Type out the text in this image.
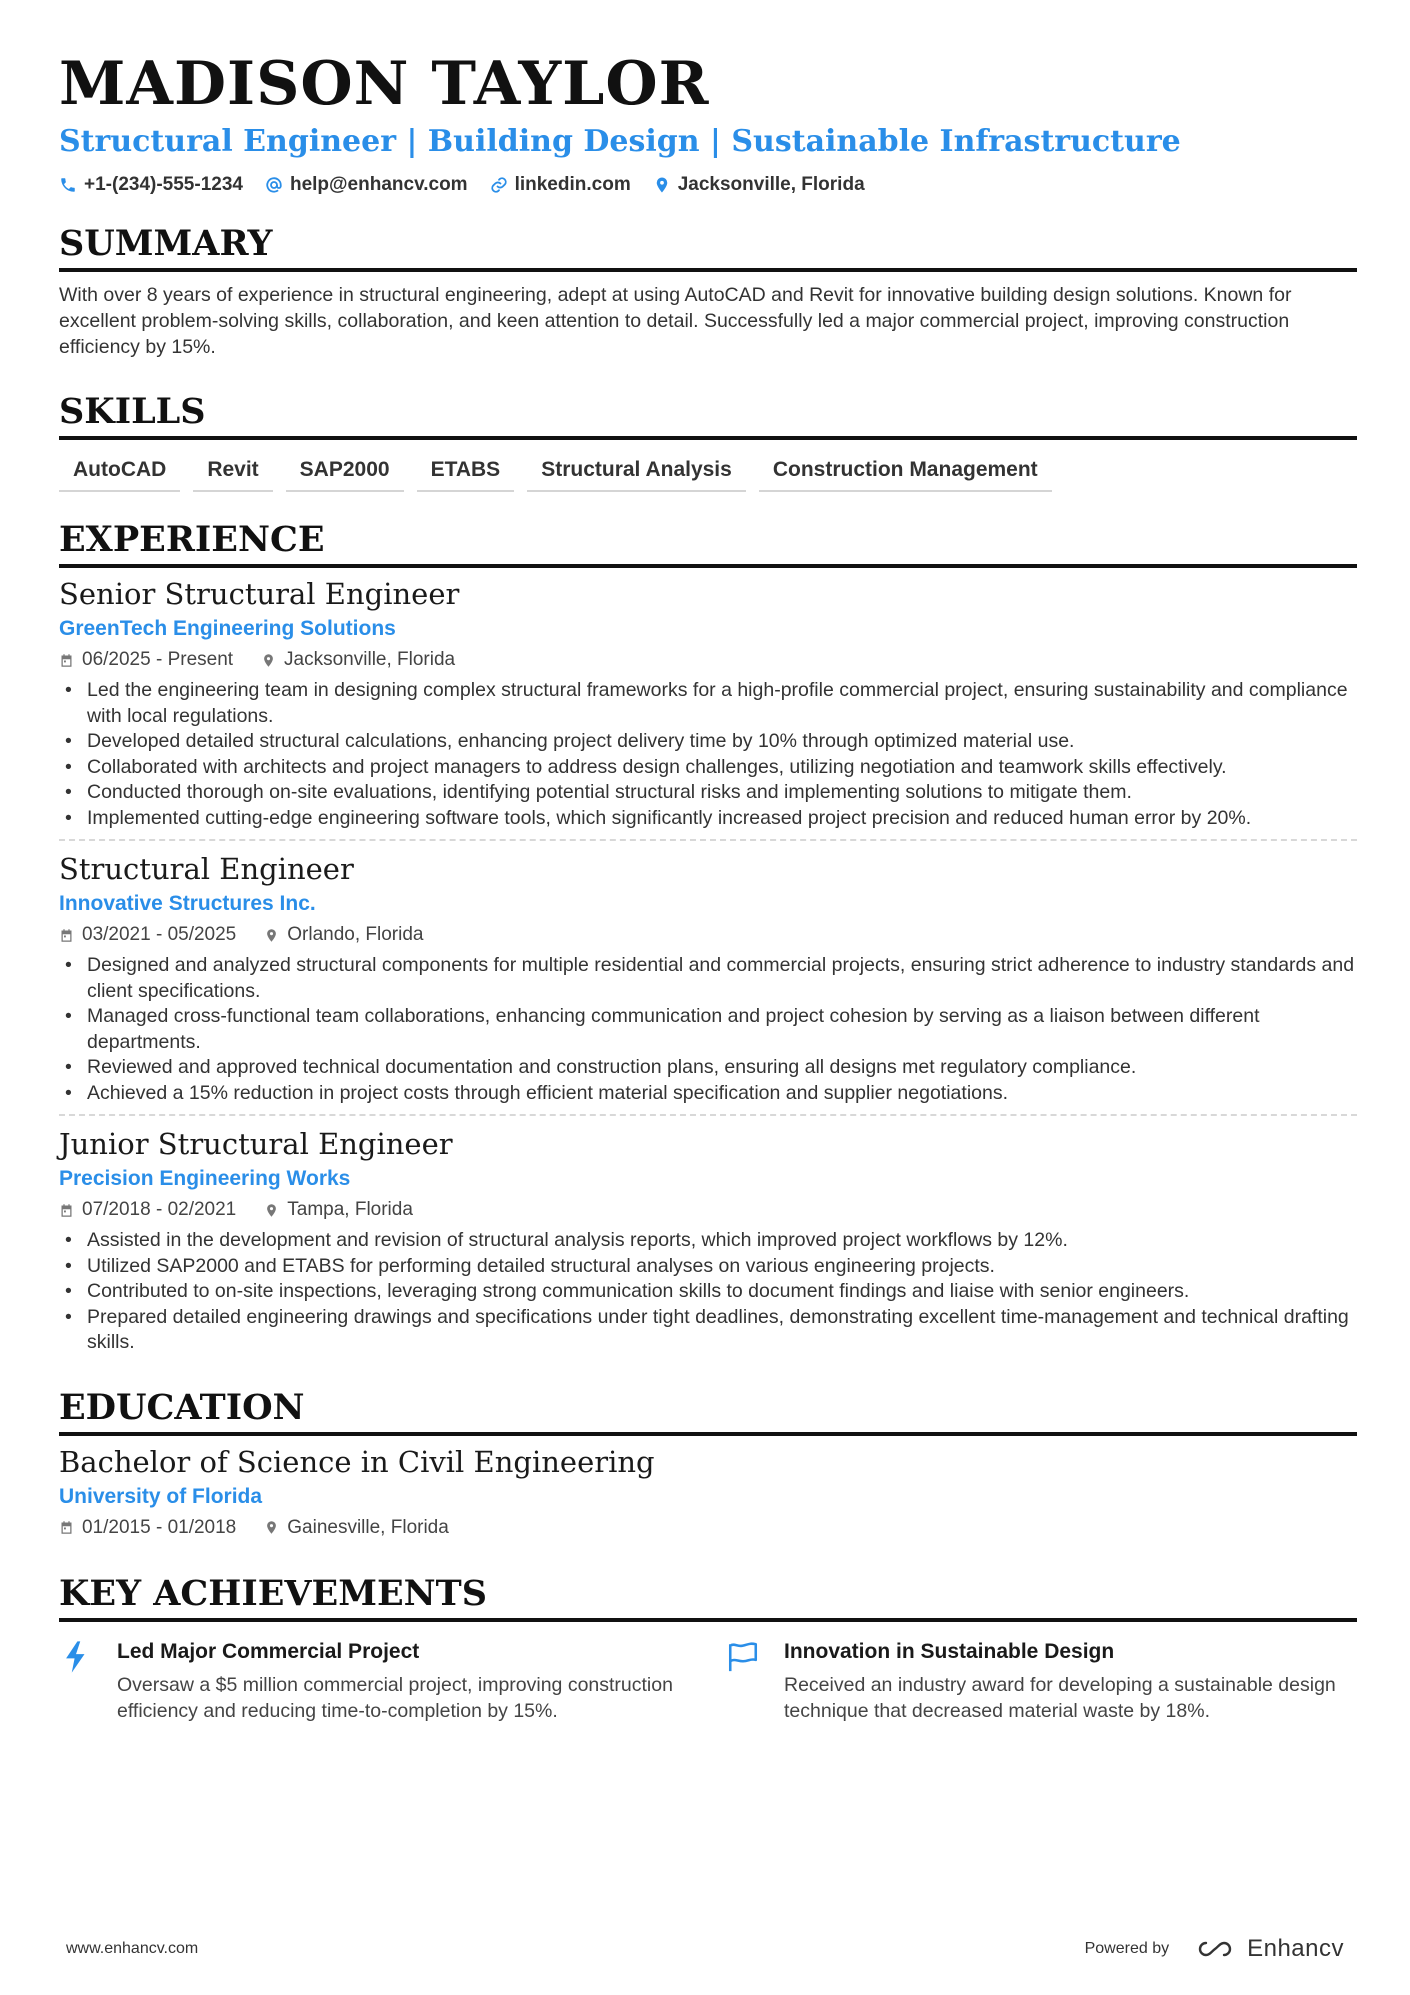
MADISON TAYLOR
Structural Engineer | Building Design | Sustainable Infrastructure
+1-(234)-555-1234 help@enhancv.com linkedin.com Jacksonville, Florida
SUMMARY
With over 8 years of experience in structural engineering, adept at using AutoCAD and Revit for innovative building design solutions. Known for excellent problem-solving skills, collaboration, and keen attention to detail. Successfully led a major commercial project, improving construction efficiency by 15%.
SKILLS
AutoCAD	Revit	SAP2000	ETABS	Structural Analysis	Construction Management
EXPERIENCE
Senior Structural Engineer
GreenTech Engineering Solutions
06/2025 - Present	Jacksonville, Florida
• Led the engineering team in designing complex structural frameworks for a high-profile commercial project, ensuring sustainability and compliance with local regulations.
• Developed detailed structural calculations, enhancing project delivery time by 10% through optimized material use.
• Collaborated with architects and project managers to address design challenges, utilizing negotiation and teamwork skills effectively.
• Conducted thorough on-site evaluations, identifying potential structural risks and implementing solutions to mitigate them.
• Implemented cutting-edge engineering software tools, which significantly increased project precision and reduced human error by 20%.
Structural Engineer
Innovative Structures Inc.
03/2021 - 05/2025	Orlando, Florida
• Designed and analyzed structural components for multiple residential and commercial projects, ensuring strict adherence to industry standards and client specifications.
• Managed cross-functional team collaborations, enhancing communication and project cohesion by serving as a liaison between different departments.
• Reviewed and approved technical documentation and construction plans, ensuring all designs met regulatory compliance.
• Achieved a 15% reduction in project costs through efficient material specification and supplier negotiations.
Junior Structural Engineer
Precision Engineering Works
07/2018 - 02/2021	Tampa, Florida
• Assisted in the development and revision of structural analysis reports, which improved project workflows by 12%.
• Utilized SAP2000 and ETABS for performing detailed structural analyses on various engineering projects.
• Contributed to on-site inspections, leveraging strong communication skills to document findings and liaise with senior engineers.
• Prepared detailed engineering drawings and specifications under tight deadlines, demonstrating excellent time-management and technical drafting skills.
EDUCATION
Bachelor of Science in Civil Engineering
University of Florida
01/2015 - 01/2018	Gainesville, Florida
KEY ACHIEVEMENTS
Led Major Commercial Project
Oversaw a $5 million commercial project, improving construction efficiency and reducing time-to-completion by 15%.
Innovation in Sustainable Design
Received an industry award for developing a sustainable design technique that decreased material waste by 18%.
www.enhancv.com	Powered by	Enhancv
